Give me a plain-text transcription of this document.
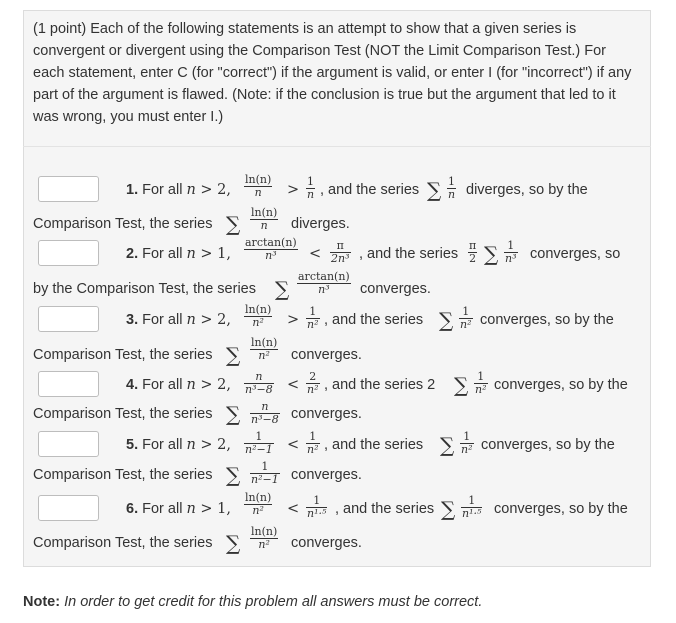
(1 point) Each of the following statements is an attempt to show that a given series is convergent or divergent using the Comparison Test (NOT the Limit Comparison Test.) For each statement, enter C (for "correct") if the argument is valid, or enter I (for "incorrect") if any part of the argument is flawed. (Note: if the conclusion is true but the argument that led to it was wrong, you must enter I.)
1. For all n > 2, $\frac{\ln(n)}{n} > \frac{1}{n}$ , and the series ∑ $\frac{1}{n}$ diverges, so by the
Comparison Test, the series ∑ $\frac{\ln(n)}{n}$ diverges.
2. For all n > 1, $\frac{\arctan(n)}{\text{n³}} < \frac{\pi}{\text{2n³}}$ , and the series $\frac{\pi}{2}$ ∑ $\frac{1}{\text{n³}}$ converges, so
by the Comparison Test, the series ∑ $\frac{\arctan(n)}{\text{n³}}$ converges.
3. For all n > 2, $\frac{\ln(n)}{\text{n²}} > \frac{1}{\text{n²}}$ , and the series ∑ $\frac{1}{\text{n²}}$ converges, so by the
Comparison Test, the series ∑ $\frac{\ln(n)}{\text{n²}}$ converges.
4. For all n > 2, $\frac{n}{\text{n³−8}} < \frac{2}{\text{n²}}$ , and the series 2 ∑ $\frac{1}{\text{n²}}$ converges, so by the
Comparison Test, the series ∑ $\frac{n}{\text{n³−8}}$ converges.
5. For all n > 2, $\frac{1}{\text{n²−1}} < \frac{1}{\text{n²}}$ , and the series ∑ $\frac{1}{\text{n²}}$ converges, so by the
Comparison Test, the series ∑ $\frac{1}{\text{n²−1}}$ converges.
6. For all n > 1, $\frac{\ln(n)}{\text{n²}} < \frac{1}{\text{n¹·⁵}}$ , and the series ∑ $\frac{1}{\text{n¹·⁵}}$ converges, so by the
Comparison Test, the series ∑ $\frac{\ln(n)}{\text{n²}}$ converges.
Note: In order to get credit for this problem all answers must be correct.
